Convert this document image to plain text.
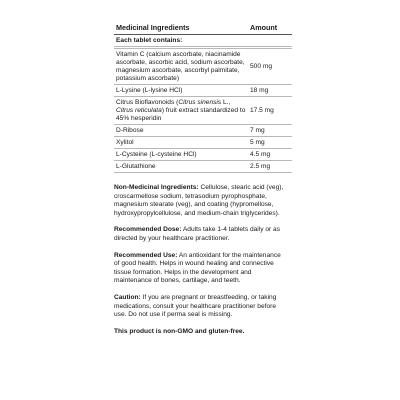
Medicinal Ingredients	Amount
Each tablet contains:	

Vitamin C (calcium ascorbate, niacinamide ascorbate, ascorbic acid, sodium ascorbate, magnesium ascorbate, ascorbyl palmitate, potassium ascorbate)	500 mg
L-Lysine (L-lysine HCl)	18 mg
Citrus Bioflavonoids (Citrus sinensis L., Citrus reticulata) fruit extract standardized to 45% hesperidin	17.5 mg
D-Ribose	7 mg
Xylitol	5 mg
L-Cysteine (L-cysteine HCl)	4.5 mg
L-Glutathione	2.5 mg

Non-Medicinal Ingredients: Cellulose, stearic acid (veg), croscarmellose sodium, tetrasodium pyrophosphate, magnesium stearate (veg), and coating (hypromellose, hydroxypropylcellulose, and medium-chain triglycerides).

Recommended Dose: Adults take 1-4 tablets daily or as directed by your healthcare practitioner.

Recommended Use: An antioxidant for the maintenance of good health. Helps in wound healing and connective tissue formation. Helps in the development and maintenance of bones, cartilage, and teeth.

Caution: If you are pregnant or breastfeeding, or taking medications, consult your healthcare practitioner before use. Do not use if perma seal is missing.

This product is non-GMO and gluten-free.
